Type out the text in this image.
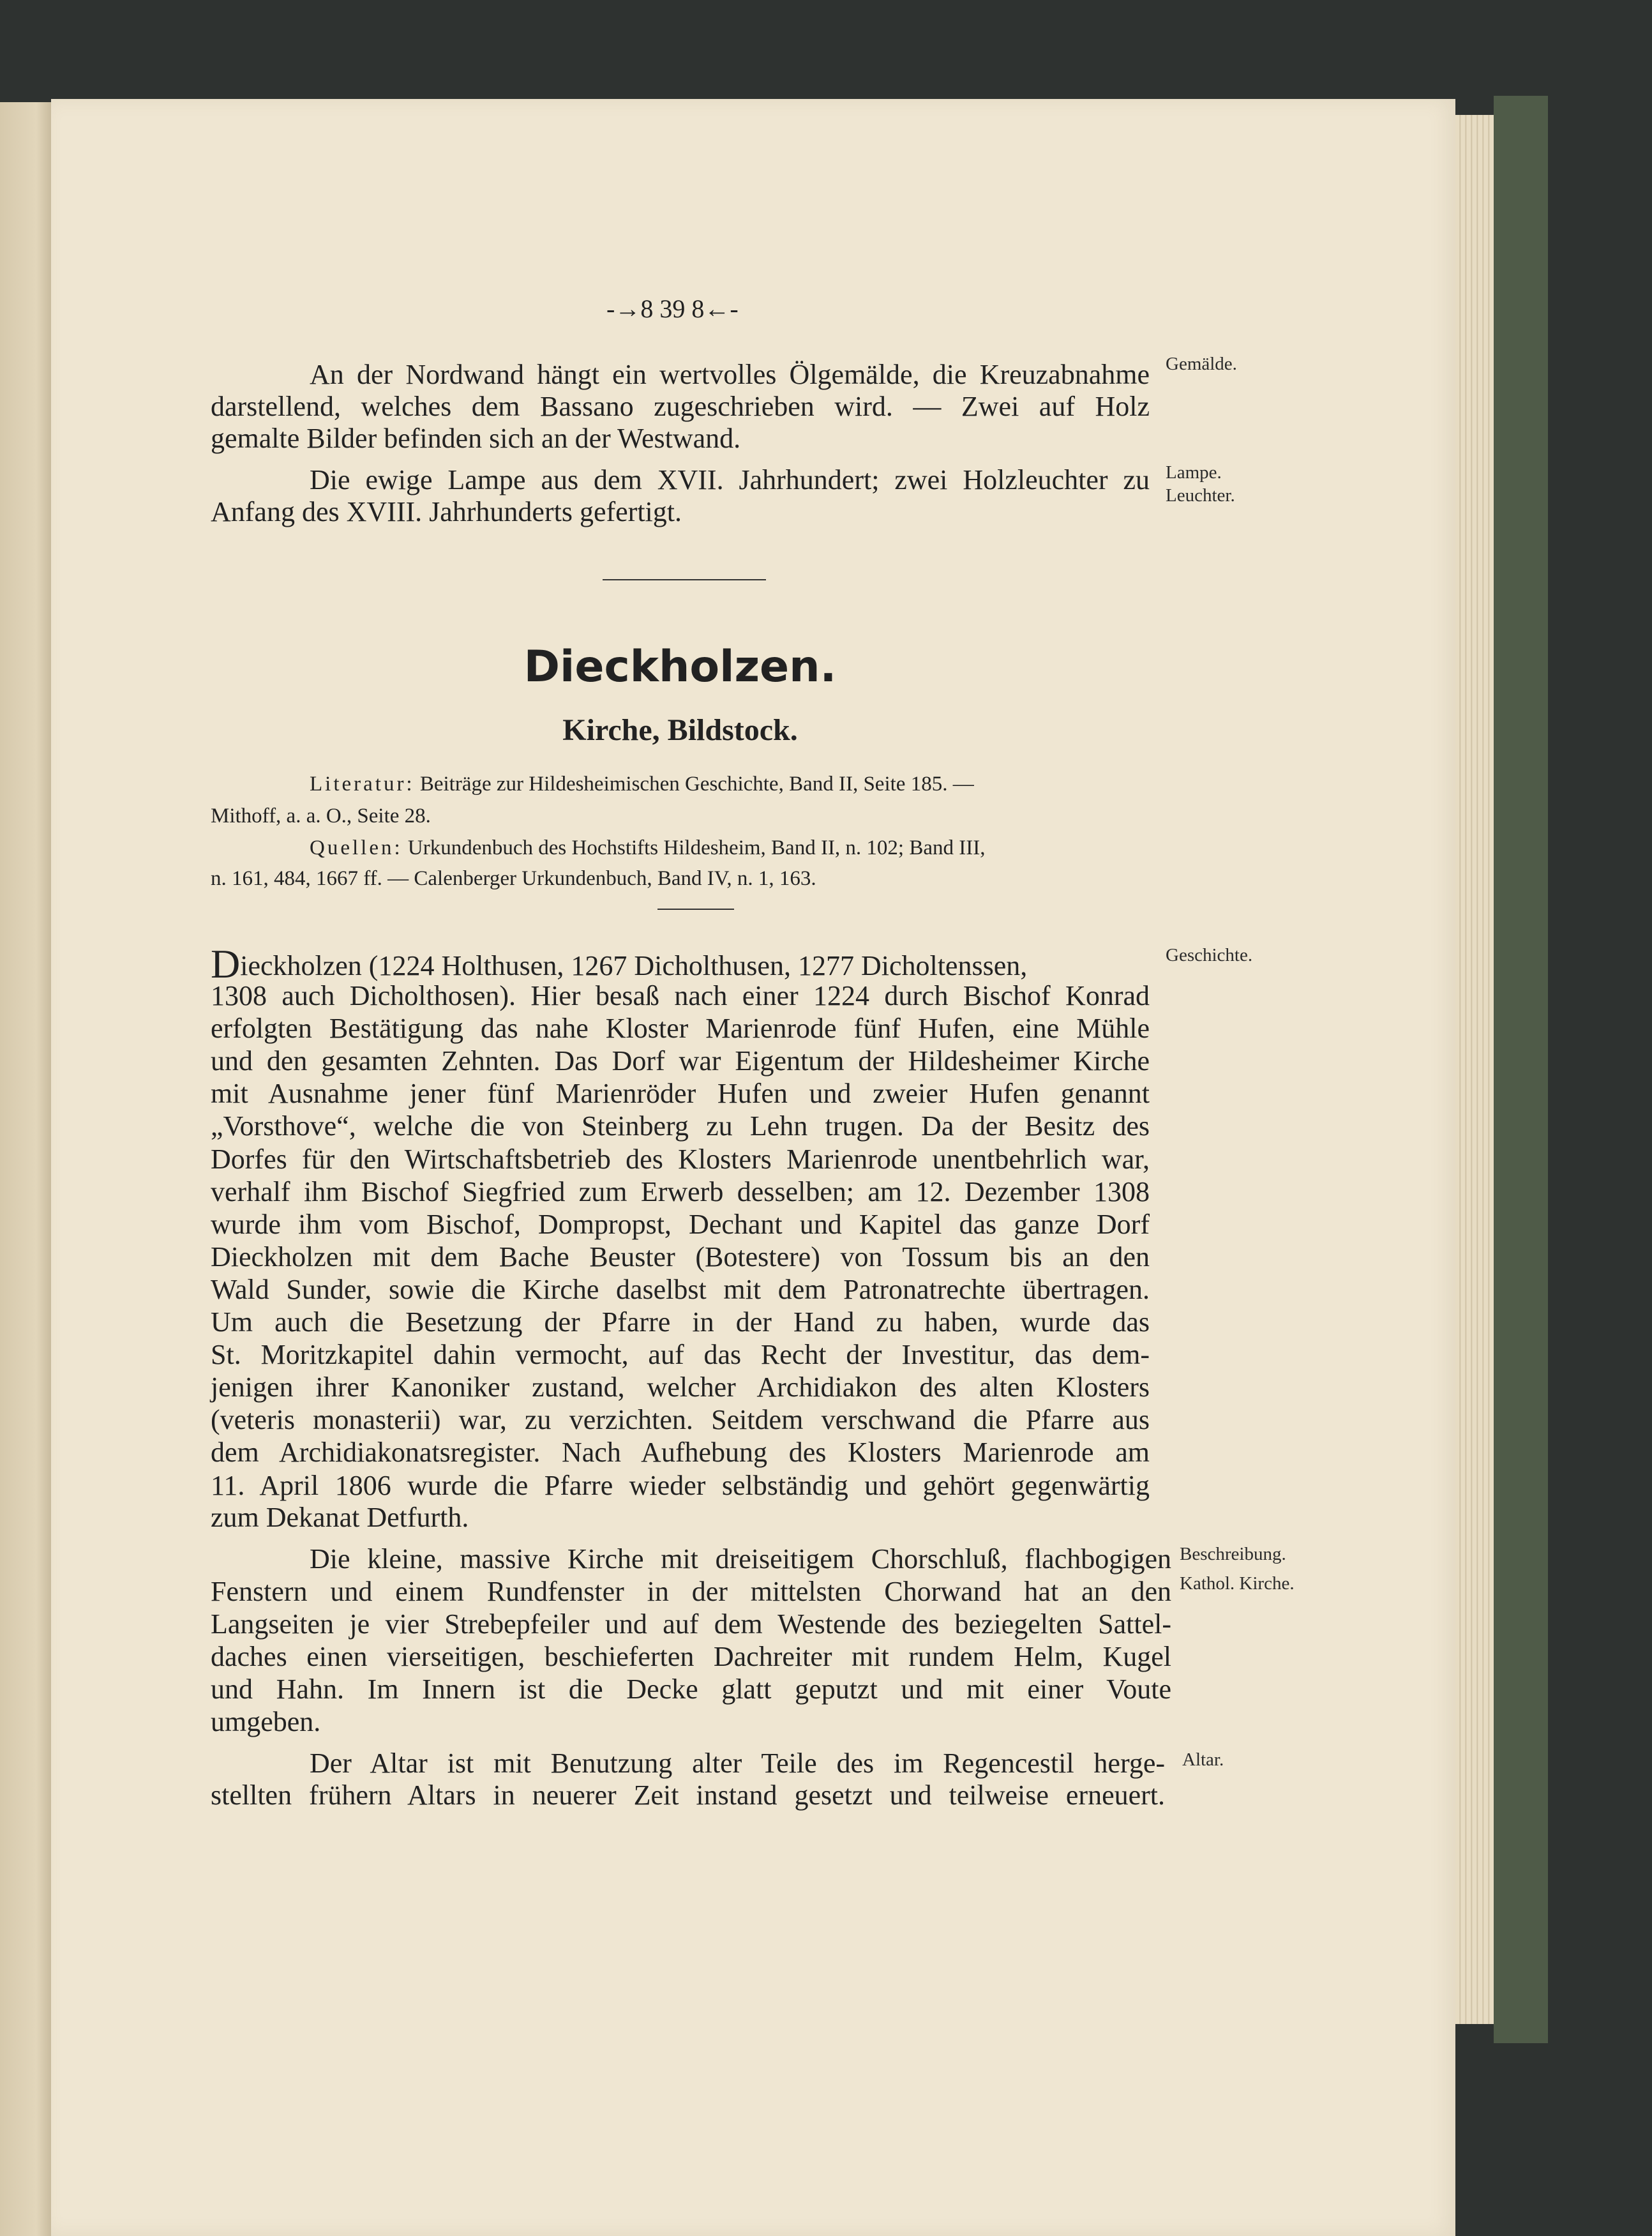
-→8 39 8←-
An der Nordwand hängt ein wertvolles Ölgemälde, die Kreuzabnahme
darstellend, welches dem Bassano zugeschrieben wird. — Zwei auf Holz
gemalte Bilder befinden sich an der Westwand.
Die ewige Lampe aus dem XVII. Jahrhundert; zwei Holzleuchter zu
Anfang des XVIII. Jahrhunderts gefertigt.
Gemälde.
Lampe.
Leuchter.
Dieckholzen.
Kirche, Bildstock.
Literatur: Beiträge zur Hildesheimischen Geschichte, Band II, Seite 185. —
Mithoff, a. a. O., Seite 28.
Quellen: Urkundenbuch des Hochstifts Hildesheim, Band II, n. 102; Band III,
n. 161, 484, 1667 ff. — Calenberger Urkundenbuch, Band IV, n. 1, 163.
Dieckholzen (1224 Holthusen, 1267 Dicholthusen, 1277 Dicholtenssen,
1308 auch Dicholthosen). Hier besaß nach einer 1224 durch Bischof Konrad
erfolgten Bestätigung das nahe Kloster Marienrode fünf Hufen, eine Mühle
und den gesamten Zehnten. Das Dorf war Eigentum der Hildesheimer Kirche
mit Ausnahme jener fünf Marienröder Hufen und zweier Hufen genannt
„Vorsthove“, welche die von Steinberg zu Lehn trugen. Da der Besitz des
Dorfes für den Wirtschaftsbetrieb des Klosters Marienrode unentbehrlich war,
verhalf ihm Bischof Siegfried zum Erwerb desselben; am 12. Dezember 1308
wurde ihm vom Bischof, Dompropst, Dechant und Kapitel das ganze Dorf
Dieckholzen mit dem Bache Beuster (Botestere) von Tossum bis an den
Wald Sunder, sowie die Kirche daselbst mit dem Patronatrechte übertragen.
Um auch die Besetzung der Pfarre in der Hand zu haben, wurde das
St. Moritzkapitel dahin vermocht, auf das Recht der Investitur, das dem-
jenigen ihrer Kanoniker zustand, welcher Archidiakon des alten Klosters
(veteris monasterii) war, zu verzichten. Seitdem verschwand die Pfarre aus
dem Archidiakonatsregister. Nach Aufhebung des Klosters Marienrode am
11. April 1806 wurde die Pfarre wieder selbständig und gehört gegenwärtig
zum Dekanat Detfurth.
Geschichte.
Die kleine, massive Kirche mit dreiseitigem Chorschluß, flachbogigen
Fenstern und einem Rundfenster in der mittelsten Chorwand hat an den
Langseiten je vier Strebepfeiler und auf dem Westende des beziegelten Sattel-
daches einen vierseitigen, beschieferten Dachreiter mit rundem Helm, Kugel
und Hahn. Im Innern ist die Decke glatt geputzt und mit einer Voute
umgeben.
Beschreibung.
Kathol. Kirche.
Der Altar ist mit Benutzung alter Teile des im Regencestil herge-
stellten frühern Altars in neuerer Zeit instand gesetzt und teilweise erneuert.
Altar.
